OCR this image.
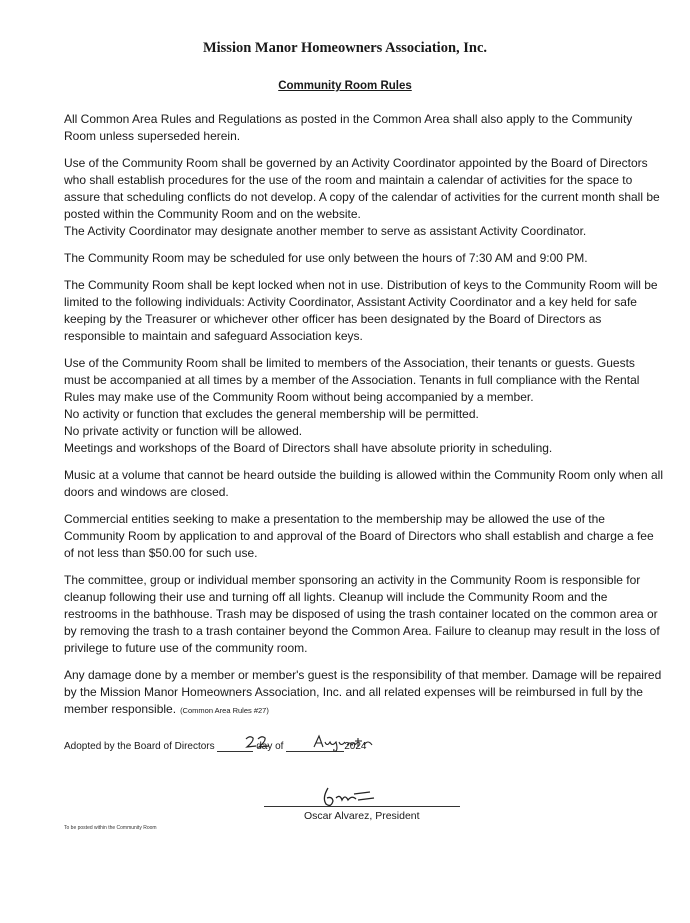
Mission Manor Homeowners Association, Inc.
Community Room Rules
All Common Area Rules and Regulations as posted in the Common Area shall also apply to the Community Room unless superseded herein.
Use of the Community Room shall be governed by an Activity Coordinator appointed by the Board of Directors who shall establish procedures for the use of the room and maintain a calendar of activities for the space to assure that scheduling conflicts do not develop. A copy of the calendar of activities for the current month shall be posted within the Community Room and on the website.
The Activity Coordinator may designate another member to serve as assistant Activity Coordinator.
The Community Room may be scheduled for use only between the hours of 7:30 AM and 9:00 PM.
The Community Room shall be kept locked when not in use. Distribution of keys to the Community Room will be limited to the following individuals: Activity Coordinator, Assistant Activity Coordinator and a key held for safe keeping by the Treasurer or whichever other officer has been designated by the Board of Directors as responsible to maintain and safeguard Association keys.
Use of the Community Room shall be limited to members of the Association, their tenants or guests. Guests must be accompanied at all times by a member of the Association. Tenants in full compliance with the Rental Rules may make use of the Community Room without being accompanied by a member.
No activity or function that excludes the general membership will be permitted.
No private activity or function will be allowed.
Meetings and workshops of the Board of Directors shall have absolute priority in scheduling.
Music at a volume that cannot be heard outside the building is allowed within the Community Room only when all doors and windows are closed.
Commercial entities seeking to make a presentation to the membership may be allowed the use of the Community Room by application to and approval of the Board of Directors who shall establish and charge a fee of not less than $50.00 for such use.
The committee, group or individual member sponsoring an activity in the Community Room is responsible for cleanup following their use and turning off all lights. Cleanup will include the Community Room and the restrooms in the bathhouse. Trash may be disposed of using the trash container located on the common area or by removing the trash to a trash container beyond the Common Area. Failure to cleanup may result in the loss of privilege to future use of the community room.
Any damage done by a member or member's guest is the responsibility of that member. Damage will be repaired by the Mission Manor Homeowners Association, Inc. and all related expenses will be reimbursed in full by the member responsible. (Common Area Rules #27)
Adopted by the Board of Directors	day of	2024
Oscar Alvarez, President
To be posted within the Community Room
